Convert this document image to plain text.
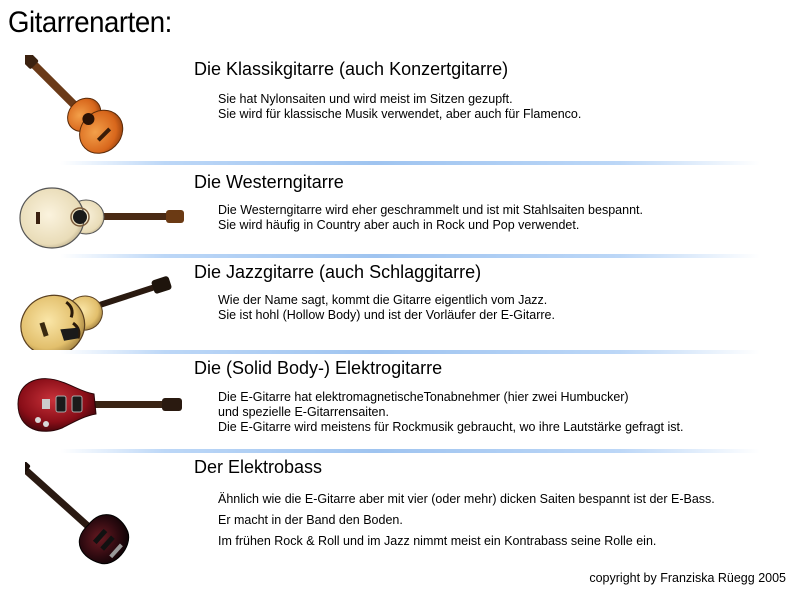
Gitarrenarten:
Die Klassikgitarre (auch Konzertgitarre)
Sie hat Nylonsaiten und wird meist im Sitzen gezupft.
Sie wird für klassische Musik verwendet, aber auch für Flamenco.
Die Westerngitarre
Die Westerngitarre wird eher geschrammelt und ist mit Stahlsaiten bespannt.
Sie wird häufig in Country aber auch in Rock und Pop verwendet.
Die Jazzgitarre (auch Schlaggitarre)
Wie der Name sagt, kommt die Gitarre eigentlich vom Jazz.
Sie ist hohl (Hollow Body) und ist der Vorläufer der E-Gitarre.
Die (Solid Body-) Elektrogitarre
Die E-Gitarre hat elektromagnetischeTonabnehmer (hier zwei Humbucker)
und spezielle E-Gitarrensaiten.
Die E-Gitarre wird meistens für Rockmusik gebraucht, wo ihre Lautstärke gefragt ist.
Der Elektrobass
Ähnlich wie die E-Gitarre aber mit vier (oder mehr) dicken Saiten bespannt ist der E-Bass.
Er macht in der Band den Boden.
Im frühen Rock & Roll und im Jazz nimmt meist ein Kontrabass seine Rolle ein.
copyright by Franziska Rüegg 2005
